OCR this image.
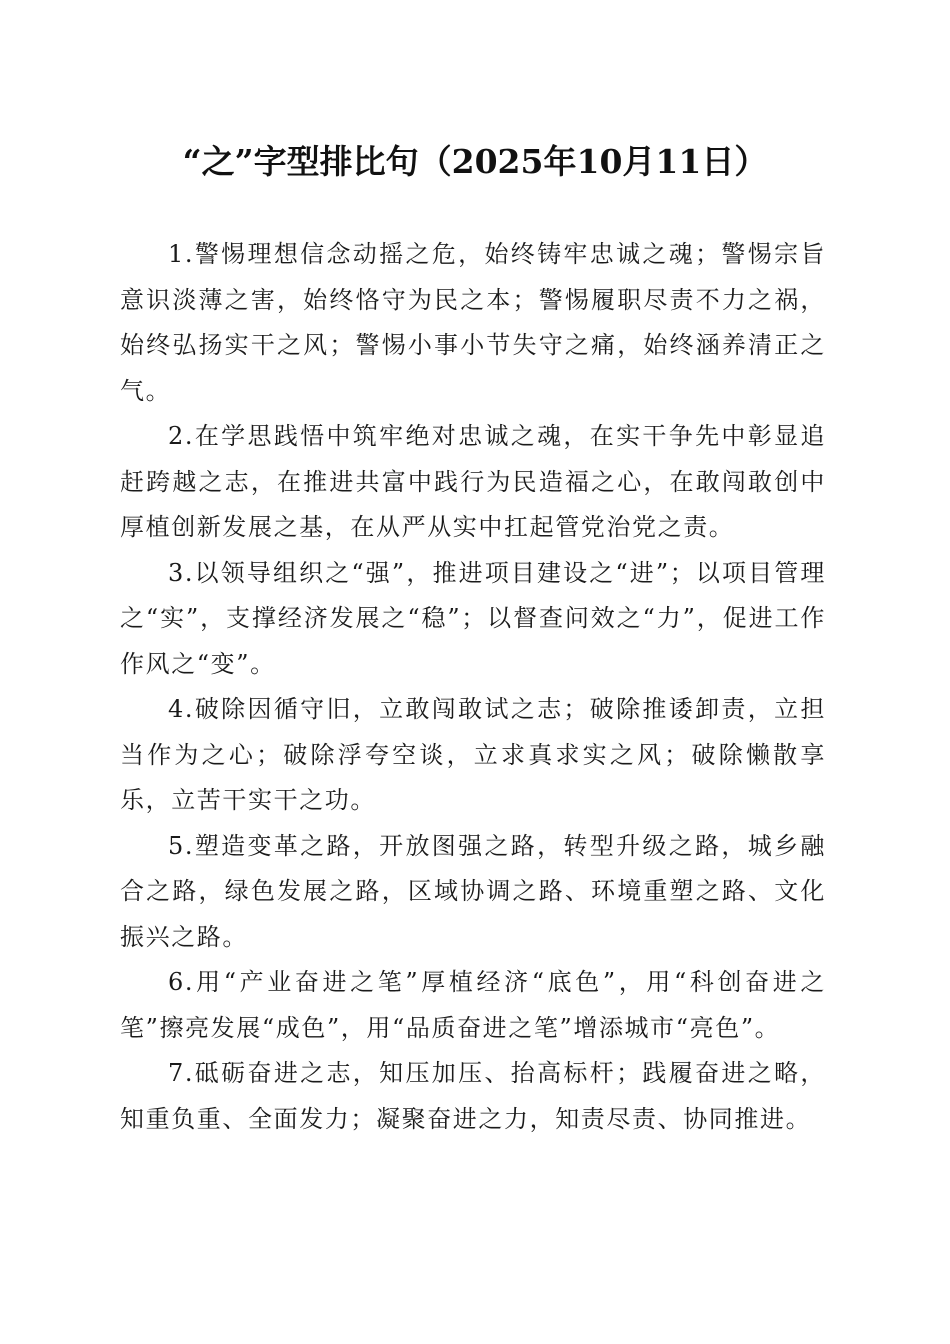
“之”字型排比句（2025年10月11日）

1.警惕理想信念动摇之危，始终铸牢忠诚之魂；警惕宗旨意识淡薄之害，始终恪守为民之本；警惕履职尽责不力之祸，始终弘扬实干之风；警惕小事小节失守之痛，始终涵养清正之气。

2.在学思践悟中筑牢绝对忠诚之魂，在实干争先中彰显追赶跨越之志，在推进共富中践行为民造福之心，在敢闯敢创中厚植创新发展之基，在从严从实中扛起管党治党之责。

3.以领导组织之“强”，推进项目建设之“进”；以项目管理之“实”，支撑经济发展之“稳”；以督查问效之“力”，促进工作作风之“变”。

4.破除因循守旧，立敢闯敢试之志；破除推诿卸责，立担当作为之心；破除浮夸空谈，立求真求实之风；破除懒散享乐，立苦干实干之功。

5.塑造变革之路，开放图强之路，转型升级之路，城乡融合之路，绿色发展之路，区域协调之路、环境重塑之路、文化振兴之路。

6.用“产业奋进之笔”厚植经济“底色”，用“科创奋进之笔”擦亮发展“成色”，用“品质奋进之笔”增添城市“亮色”。

7.砥砺奋进之志，知压加压、抬高标杆；践履奋进之略，知重负重、全面发力；凝聚奋进之力，知责尽责、协同推进。
